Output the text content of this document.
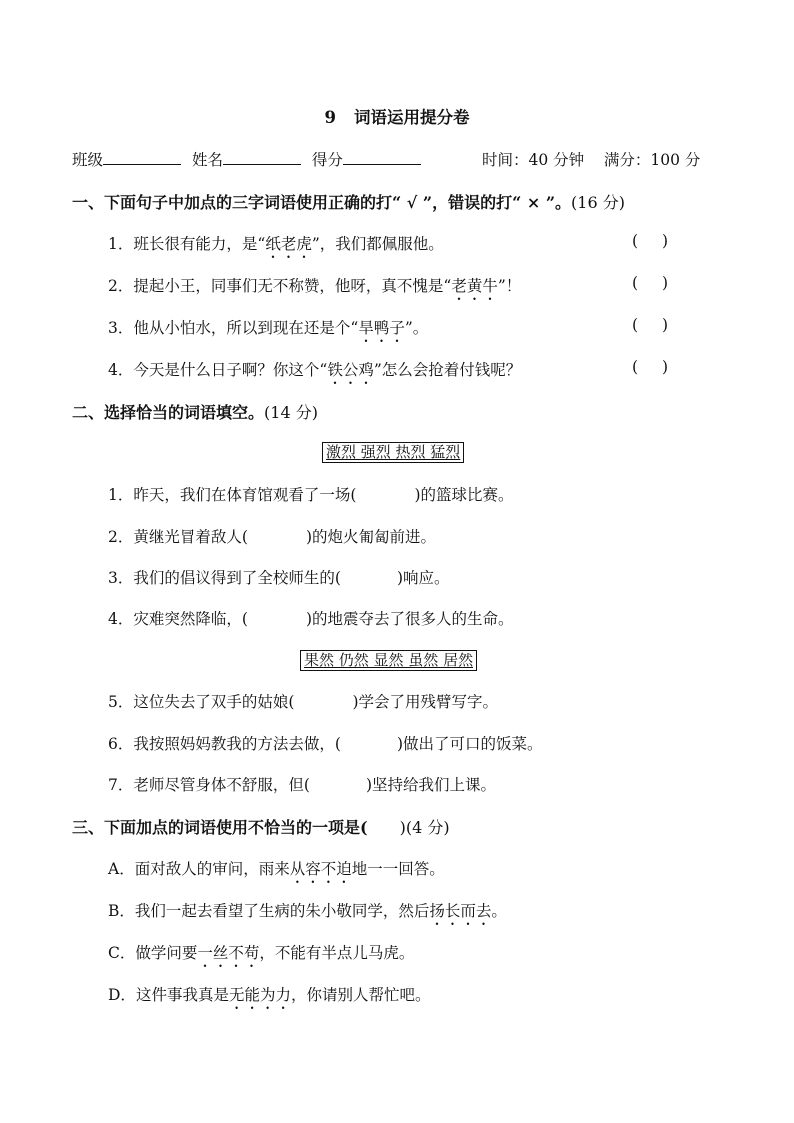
9 词语运用提分卷
班级	姓名	得分	时间：40 分钟 满分：100 分
一、下面句子中加点的三字词语使用正确的打“ √ ”，错误的打“ × ”。(16 分)
1．班长很有能力，是“纸老虎”，我们都佩服他。	( )
2．提起小王，同事们无不称赞，他呀，真不愧是“老黄牛”！	( )
3．他从小怕水，所以到现在还是个“旱鸭子”。	( )
4．今天是什么日子啊？你这个“铁公鸡”怎么会抢着付钱呢？	( )
二、选择恰当的词语填空。(14 分)
激烈 强烈 热烈 猛烈
1．昨天，我们在体育馆观看了一场(	)的篮球比赛。
2．黄继光冒着敌人(	)的炮火匍匐前进。
3．我们的倡议得到了全校师生的(	)响应。
4．灾难突然降临，(	)的地震夺去了很多人的生命。
果然 仍然 显然 虽然 居然
5．这位失去了双手的姑娘(	)学会了用残臂写字。
6．我按照妈妈教我的方法去做，(	)做出了可口的饭菜。
7．老师尽管身体不舒服，但(	)坚持给我们上课。
三、下面加点的词语使用不恰当的一项是( )(4 分)
A．面对敌人的审问，雨来从容不迫地一一回答。
B．我们一起去看望了生病的朱小敬同学，然后扬长而去。
C．做学问要一丝不苟，不能有半点儿马虎。
D．这件事我真是无能为力，你请别人帮忙吧。
